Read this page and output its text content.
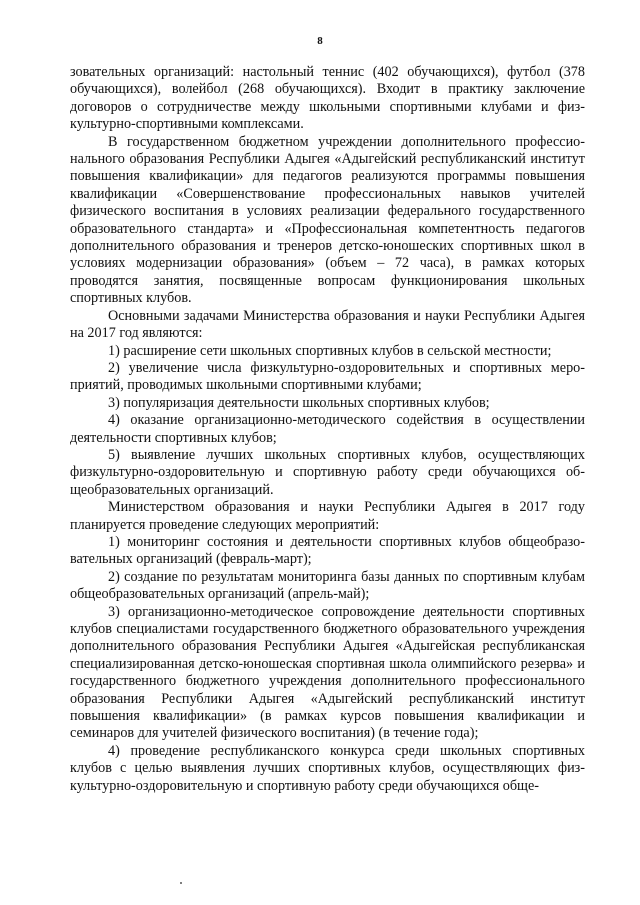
8

зовательных организаций: настольный теннис (402 обучающихся), футбол (378 обучающихся), волейбол (268 обучающихся). Входит в практику заключение договоров о сотрудничестве между школьными спортивными клубами и физкультурно-спортивными комплексами.

В государственном бюджетном учреждении дополнительного профессионального образования Республики Адыгея «Адыгейский республиканский институт повышения квалификации» для педагогов реализуются программы повышения квалификации «Совершенствование профессиональных навыков учителей физического воспитания в условиях реализации федерального государственного образовательного стандарта» и «Профессиональная компетентность педагогов дополнительного образования и тренеров детско-юношеских спортивных школ в условиях модернизации образования» (объем – 72 часа), в рамках которых проводятся занятия, посвященные вопросам функционирования школьных спортивных клубов.

Основными задачами Министерства образования и науки Республики Адыгея на 2017 год являются:

1) расширение сети школьных спортивных клубов в сельской местности;

2) увеличение числа физкультурно-оздоровительных и спортивных мероприятий, проводимых школьными спортивными клубами;

3) популяризация деятельности школьных спортивных клубов;

4) оказание организационно-методического содействия в осуществлении деятельности спортивных клубов;

5) выявление лучших школьных спортивных клубов, осуществляющих физкультурно-оздоровительную и спортивную работу среди обучающихся общеобразовательных организаций.

Министерством образования и науки Республики Адыгея в 2017 году планируется проведение следующих мероприятий:

1) мониторинг состояния и деятельности спортивных клубов общеобразовательных организаций (февраль-март);

2) создание по результатам мониторинга базы данных по спортивным клубам общеобразовательных организаций (апрель-май);

3) организационно-методическое сопровождение деятельности спортивных клубов специалистами государственного бюджетного образовательного учреждения дополнительного образования Республики Адыгея «Адыгейская республиканская специализированная детско-юношеская спортивная школа олимпийского резерва» и государственного бюджетного учреждения дополнительного профессионального образования Республики Адыгея «Адыгейский республиканский институт повышения квалификации» (в рамках курсов повышения квалификации и семинаров для учителей физического воспитания) (в течение года);

4) проведение республиканского конкурса среди школьных спортивных клубов с целью выявления лучших спортивных клубов, осуществляющих физкультурно-оздоровительную и спортивную работу среди обучающихся обще-
